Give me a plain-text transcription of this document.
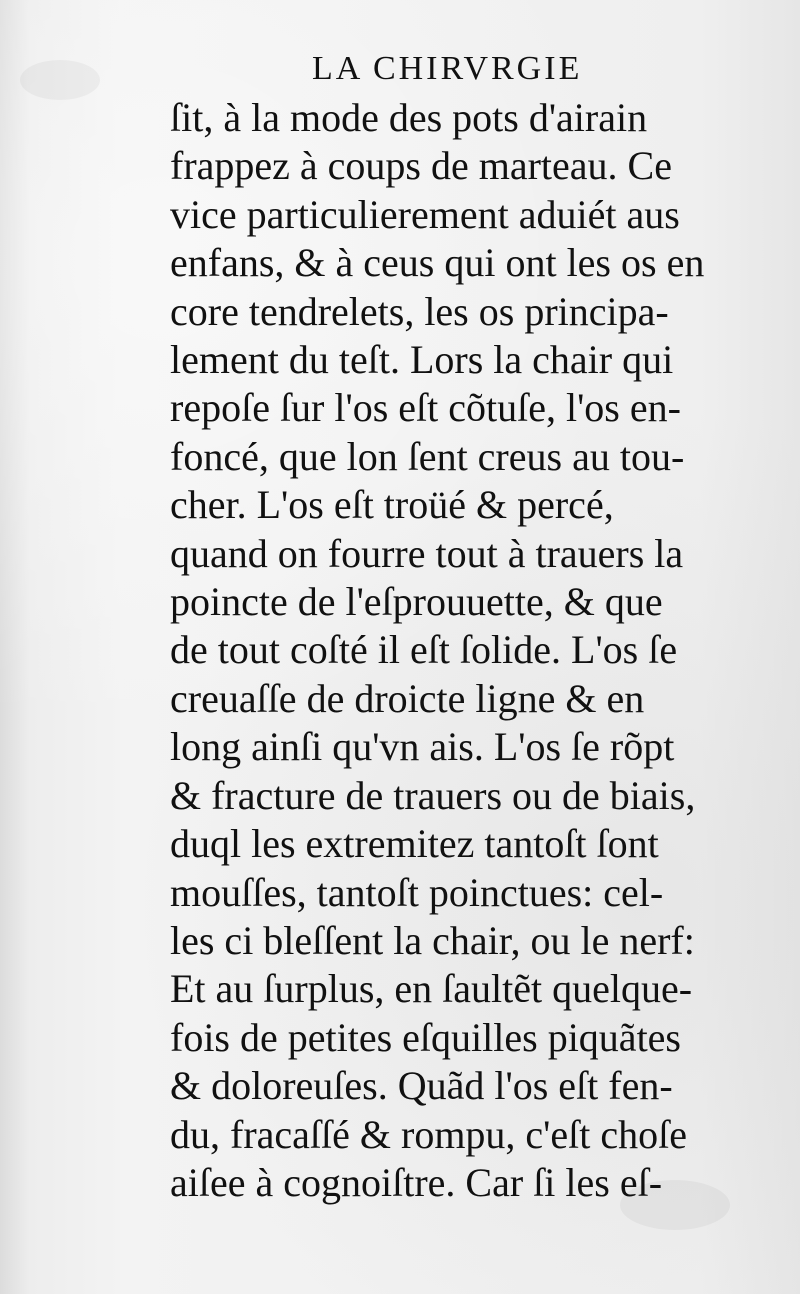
LA CHIRVRGIE
ſit, à la mode des pots d'airain
frappez à coups de marteau. Ce
vice particulierement aduiét aus
enfans, & à ceus qui ont les os en
core tendrelets, les os principa-
lement du teſt. Lors la chair qui
repoſe ſur l'os eſt cõtuſe, l'os en-
foncé, que lon ſent creus au tou-
cher. L'os eſt troüé & percé,
quand on fourre tout à trauers la
poincte de l'eſprouuette, & que
de tout coſté il eſt ſolide. L'os ſe
creuaſſe de droicte ligne & en
long ainſi qu'vn ais. L'os ſe rõpt
& fracture de trauers ou de biais,
duql les extremitez tantoſt ſont
mouſſes, tantoſt poinctues: cel-
les ci bleſſent la chair, ou le nerf:
Et au ſurplus, en ſaultẽt quelque-
fois de petites eſquilles piquãtes
& doloreuſes. Quãd l'os eſt fen-
du, fracaſſé & rompu, c'eſt choſe
aiſee à cognoiſtre. Car ſi les eſ-
